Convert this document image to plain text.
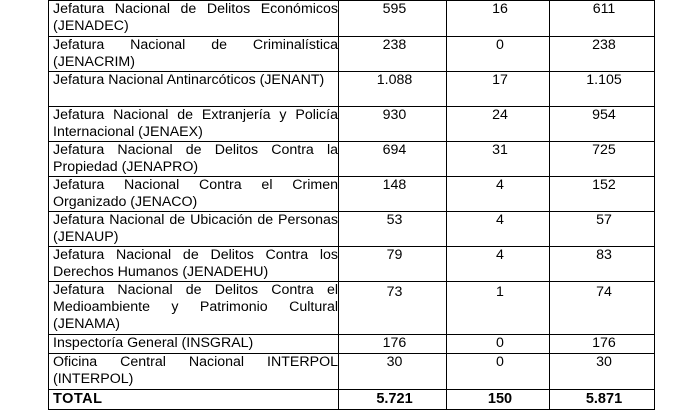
Jefatura Nacional de Delitos Económicos (JENADEC)	595	16	611
Jefatura Nacional de Criminalística (JENACRIM)	238	0	238
Jefatura Nacional Antinarcóticos (JENANT)	1.088	17	1.105
Jefatura Nacional de Extranjería y Policía Internacional (JENAEX)	930	24	954
Jefatura Nacional de Delitos Contra la Propiedad (JENAPRO)	694	31	725
Jefatura Nacional Contra el Crimen Organizado (JENACO)	148	4	152
Jefatura Nacional de Ubicación de Personas (JENAUP)	53	4	57
Jefatura Nacional de Delitos Contra los Derechos Humanos (JENADEHU)	79	4	83
Jefatura Nacional de Delitos Contra el Medioambiente y Patrimonio Cultural (JENAMA)	73	1	74
Inspectoría General (INSGRAL)	176	0	176
Oficina Central Nacional INTERPOL (INTERPOL)	30	0	30
TOTAL	5.721	150	5.871
